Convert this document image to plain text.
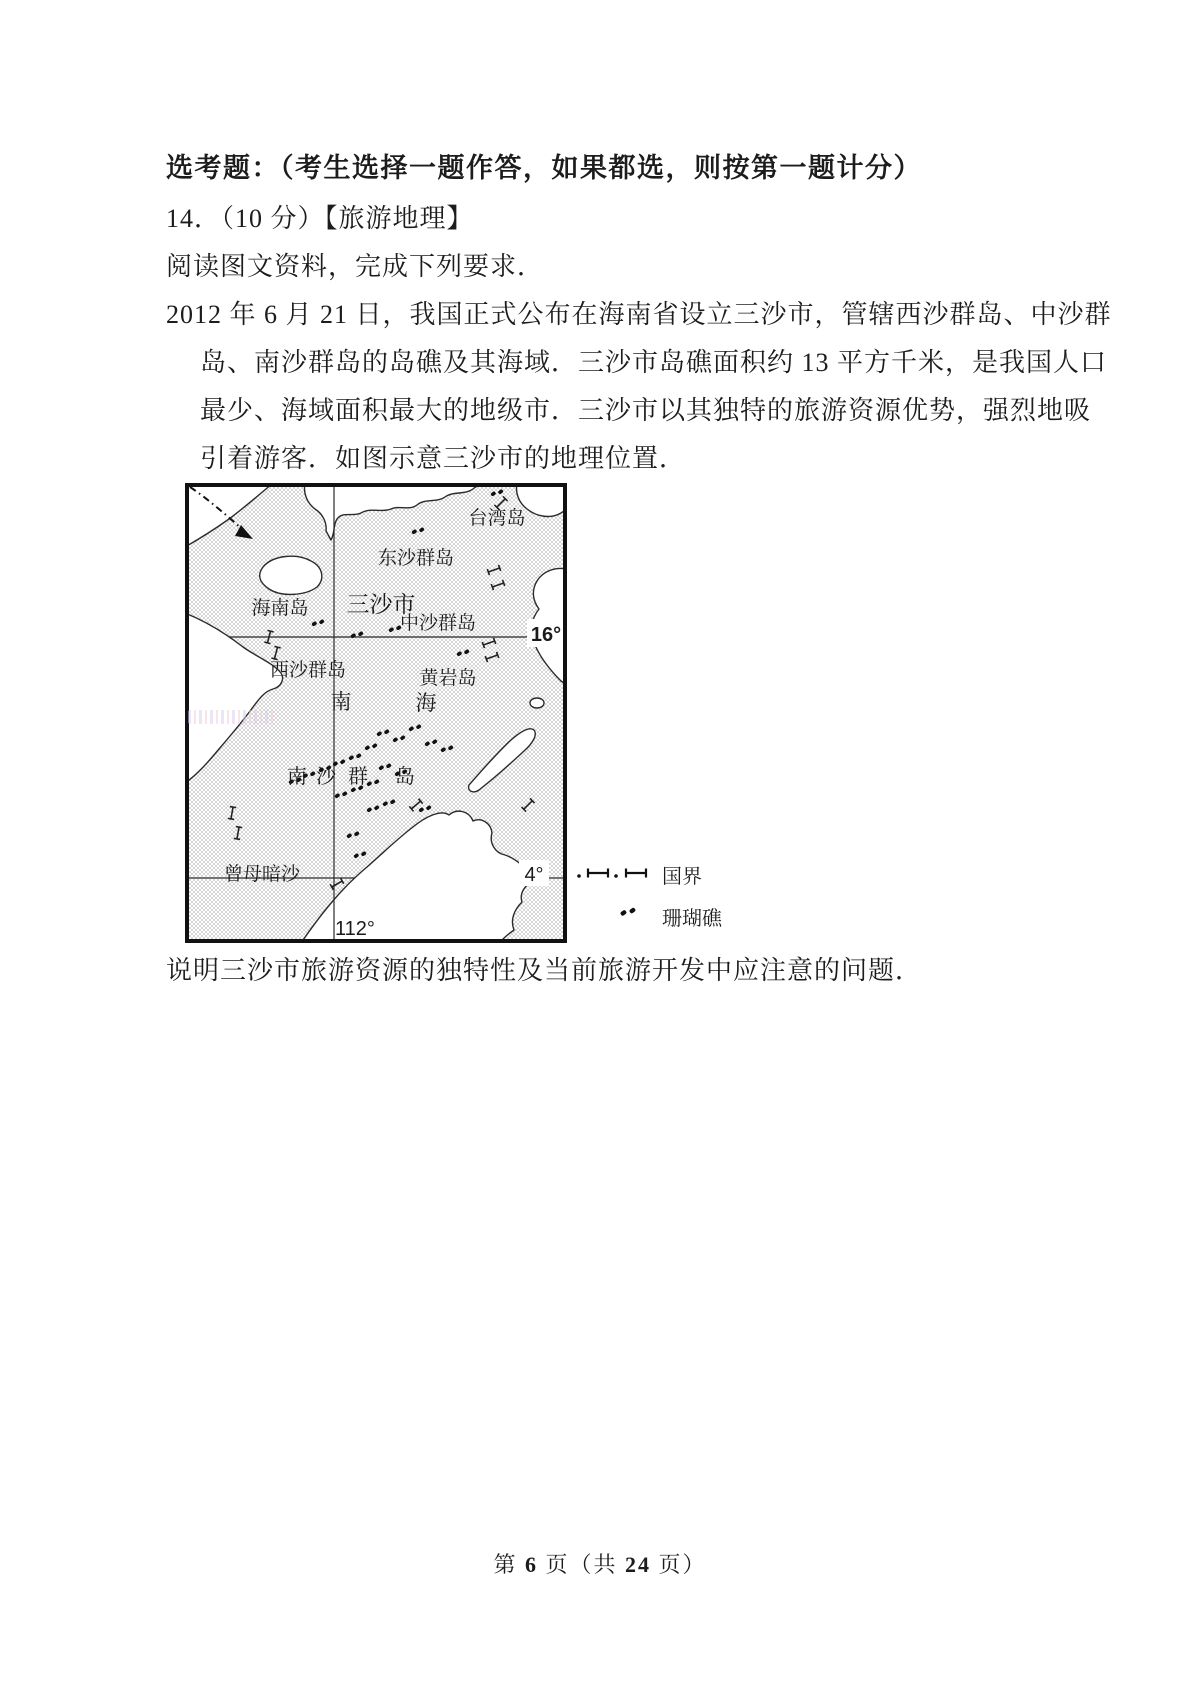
选考题：（考生选择一题作答，如果都选，则按第一题计分）
14．（10 分）【旅游地理】
阅读图文资料，完成下列要求．
2012 年 6 月 21 日，我国正式公布在海南省设立三沙市，管辖西沙群岛、中沙群
岛、南沙群岛的岛礁及其海域．三沙市岛礁面积约 13 平方千米，是我国人口
最少、海域面积最大的地级市．三沙市以其独特的旅游资源优势，强烈地吸
引着游客．如图示意三沙市的地理位置．
台湾岛
东沙群岛
海南岛 三沙市
中沙群岛
西沙群岛	黄岩岛
南	海
南 沙 群 岛
曾母暗沙
16°
4°
112°
国界
珊瑚礁
说明三沙市旅游资源的独特性及当前旅游开发中应注意的问题．
第 6 页（共 24 页）
